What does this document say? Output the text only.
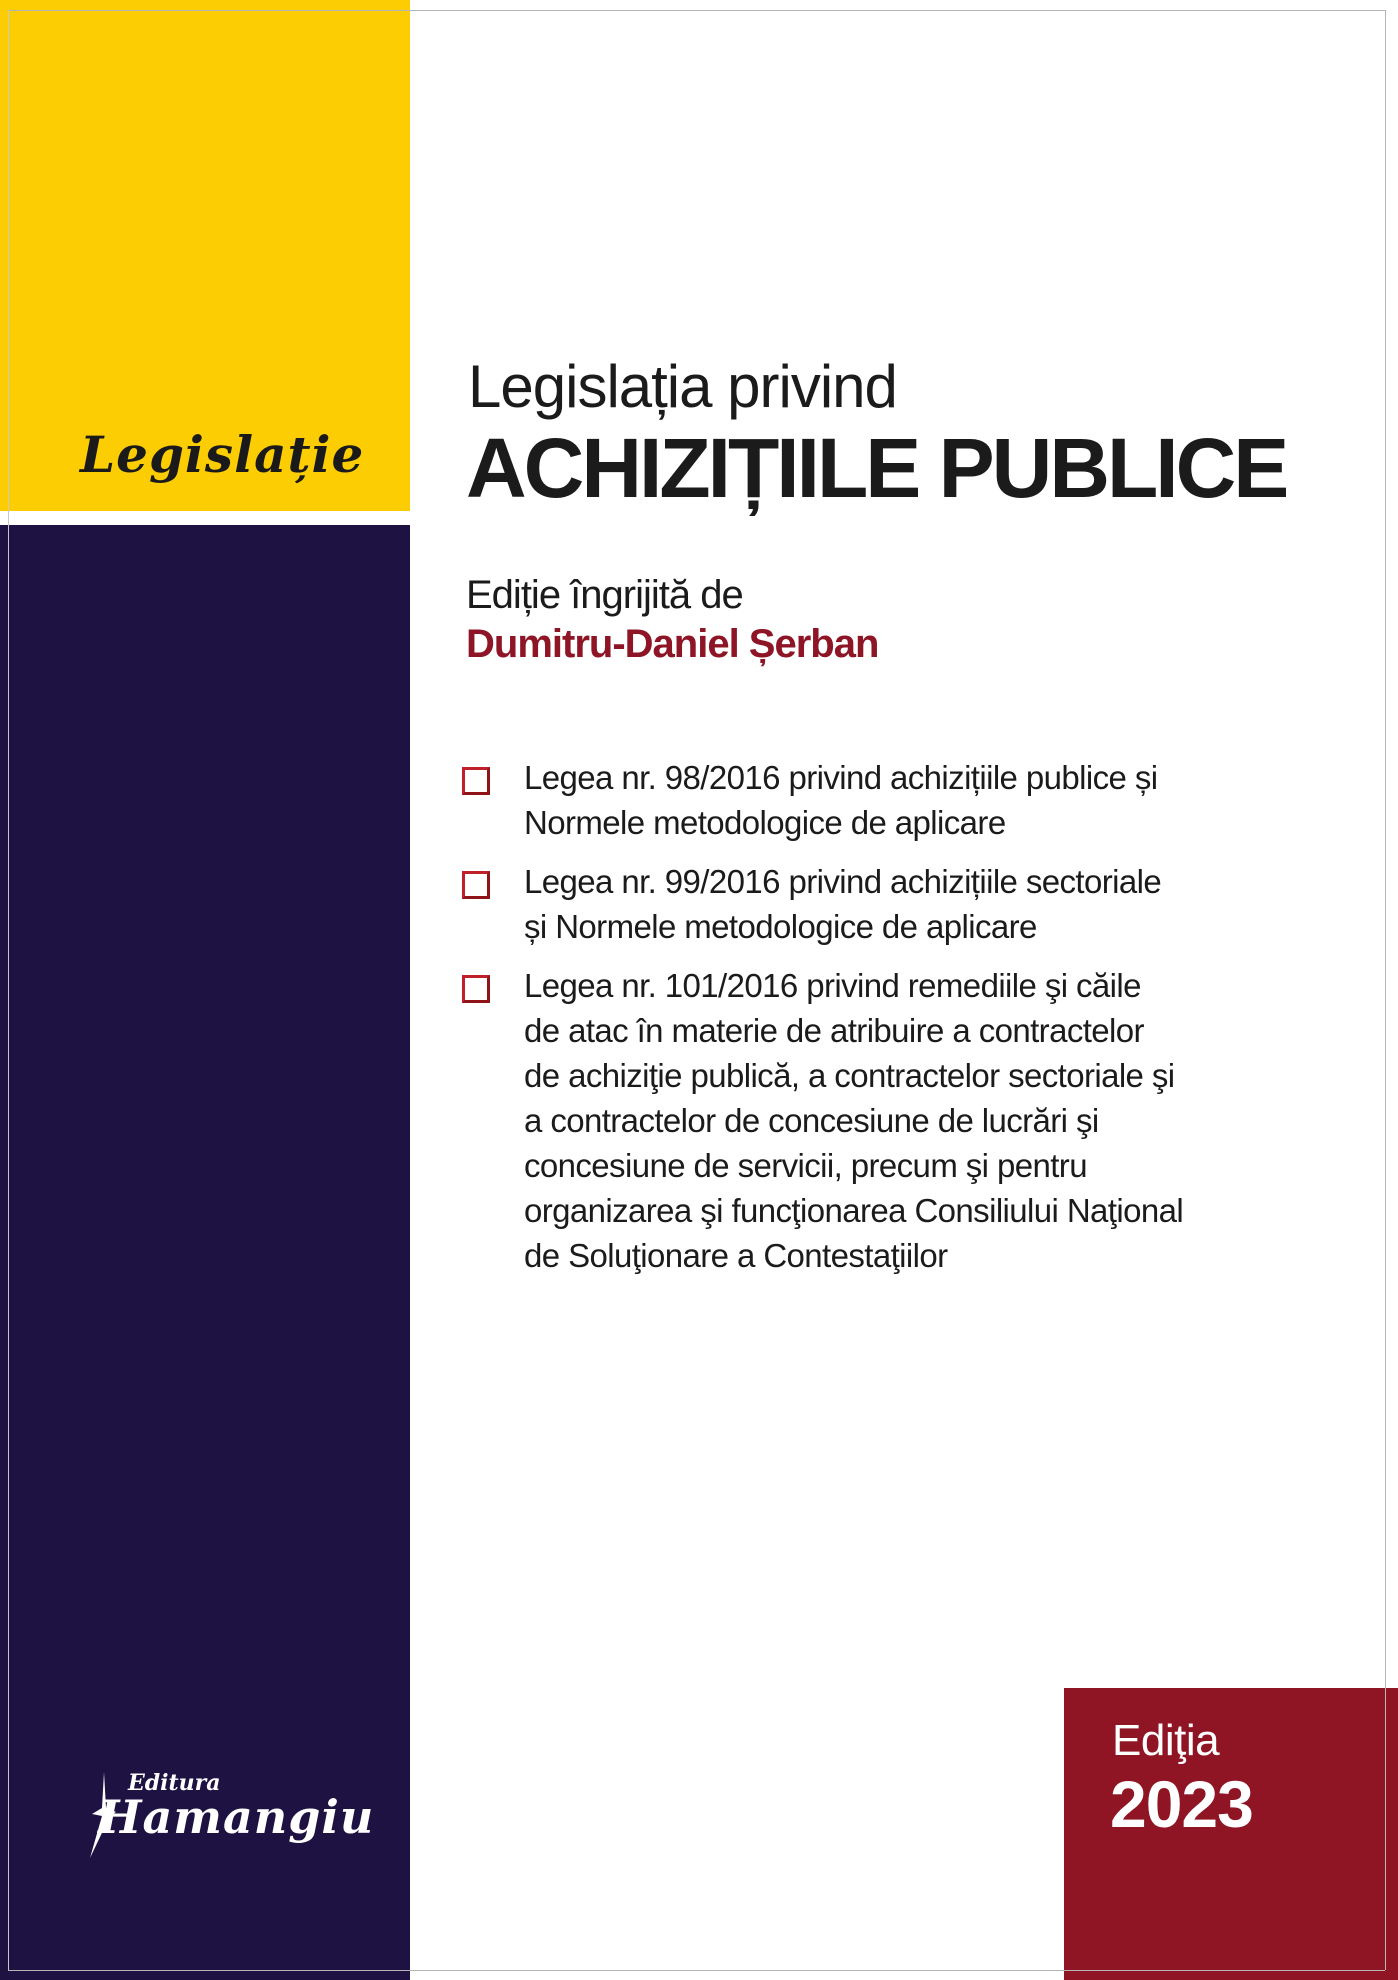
Legislație
Legislația privind
ACHIZIȚIILE PUBLICE
Ediție îngrijită de
Dumitru-Daniel Șerban
Legea nr. 98/2016 privind achizițiile publice și
Normele metodologice de aplicare
Legea nr. 99/2016 privind achizițiile sectoriale
și Normele metodologice de aplicare
Legea nr. 101/2016 privind remediile şi căile
de atac în materie de atribuire a contractelor
de achiziţie publică, a contractelor sectoriale şi
a contractelor de concesiune de lucrări şi
concesiune de servicii, precum şi pentru
organizarea şi funcţionarea Consiliului Naţional
de Soluţionare a Contestaţiilor
Editura
Hamangiu
Ediţia
2023
